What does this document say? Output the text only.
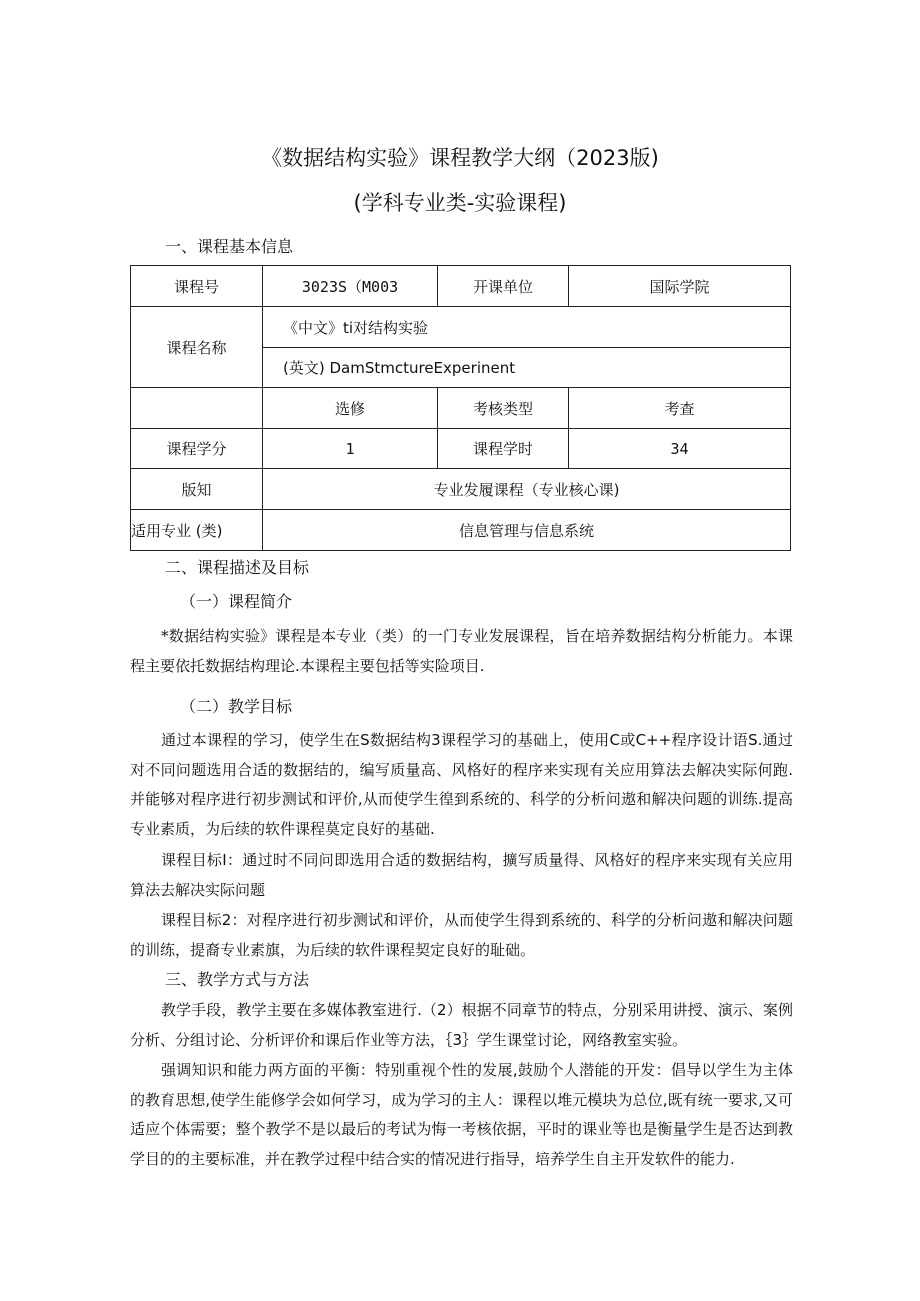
《数据结构实验》课程教学大纲（2023版)
(学科专业类-实验课程)
一、课程基本信息
课程号	3023S（M003	开课单位	国际学院
课程名称	《中文》ti对结构实验		
	(英文) DamStmctureExperinent		
	选修	考核类型	考查
课程学分	1	课程学时	34
版知	专业发履课程（专业核心课)		
适用专业 (类)	信息管理与信息系统		
二、课程描述及目标
（一）课程简介

*数据结构实验》课程是本专业（类）的一门专业发展课程，旨在培养数据结构分析能力。本课程主要依托数据结构理论.本课程主要包括等实险项目.

（二）教学目标

通过本课程的学习，使学生在S数据结构3课程学习的基础上，使用C或C++程序设计语S.通过对不同问题选用合适的数据结的，编写质量高、风格好的程序来实现有关应用算法去解决实际何跑.并能够对程序进行初步测试和评价,从而使学生徨到系统的、科学的分析问遨和解决问题的训练.提高专业素质，为后续的软件课程莫定良好的基础.

课程目标I：通过时不同问即选用合适的数据结构，擴写质量得、风格好的程序来实现有关应用算法去解决实际问题

课程目标2：对程序进行初步测试和评价，从而使学生得到系统的、科学的分析问遨和解决问题的训练，提裔专业素旗，为后续的软件课程契定良好的耻础。

三、教学方式与方法

教学手段，教学主要在多媒体教室进行.（2）根据不同章节的特点，分别采用讲授、演示、案例分析、分组讨论、分析评价和课后作业等方法，｛3｝学生课堂讨论，网络教室实验。

强调知识和能力两方面的平衡：特别重视个性的发展,鼓励个人潜能的开发：倡导以学生为主体的教育思想,使学生能修学会如何学习，成为学习的主人：课程以堆元模块为总位,既有统一要求,又可适应个体需要；整个教学不是以最后的考试为悔一考核依据，平时的课业等也是衡量学生是否达到教学目的的主要标准，并在教学过程中结合实的情况进行指导，培养学生自主开发软件的能力.
